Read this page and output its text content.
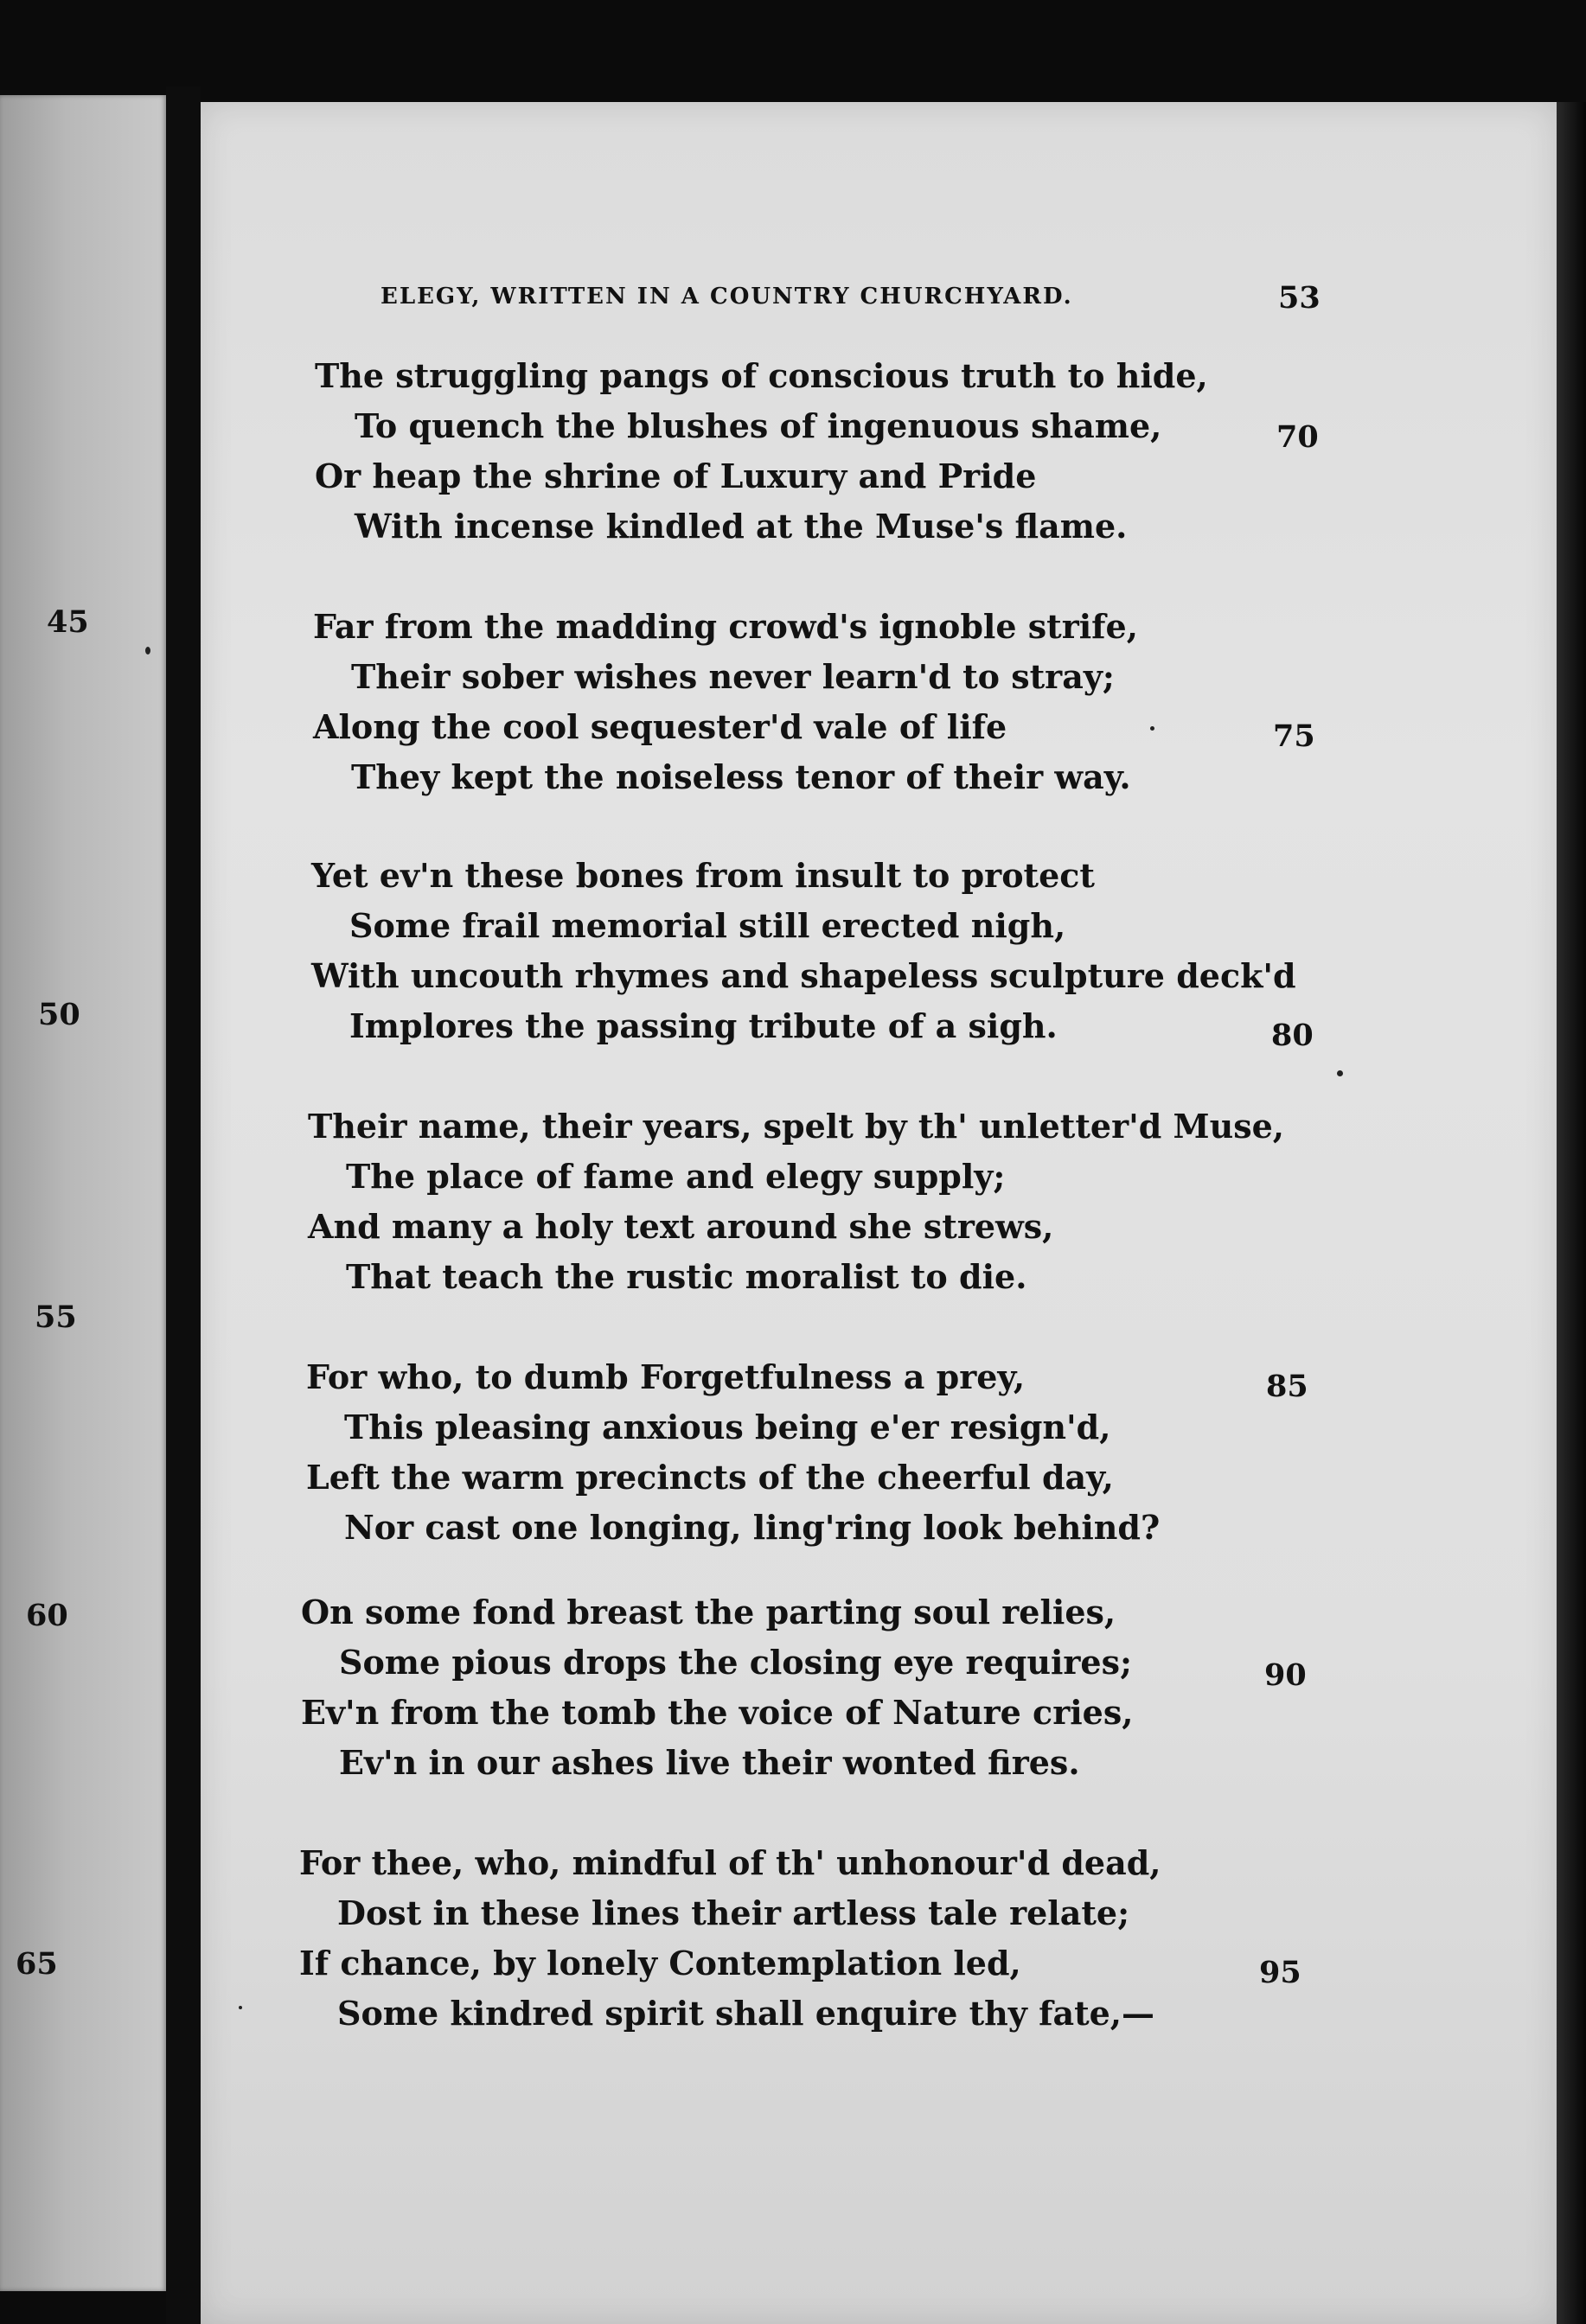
45
50
55
60
65
ELEGY, WRITTEN IN A COUNTRY CHURCHYARD.	53
The struggling pangs of conscious truth to hide,
To quench the blushes of ingenuous shame,
Or heap the shrine of Luxury and Pride
With incense kindled at the Muse's flame.
70
Far from the madding crowd's ignoble strife,
Their sober wishes never learn'd to stray;
Along the cool sequester'd vale of life
They kept the noiseless tenor of their way.
75
Yet ev'n these bones from insult to protect
Some frail memorial still erected nigh,
With uncouth rhymes and shapeless sculpture deck'd
Implores the passing tribute of a sigh.	80
Their name, their years, spelt by th' unletter'd Muse,
The place of fame and elegy supply;
And many a holy text around she strews,
That teach the rustic moralist to die.
For who, to dumb Forgetfulness a prey,
This pleasing anxious being e'er resign'd,
Left the warm precincts of the cheerful day,
Nor cast one longing, ling'ring look behind?
85
On some fond breast the parting soul relies,
Some pious drops the closing eye requires;
Ev'n from the tomb the voice of Nature cries,
Ev'n in our ashes live their wonted fires.
90
For thee, who, mindful of th' unhonour'd dead,
Dost in these lines their artless tale relate;
If chance, by lonely Contemplation led,
Some kindred spirit shall enquire thy fate,—
95
